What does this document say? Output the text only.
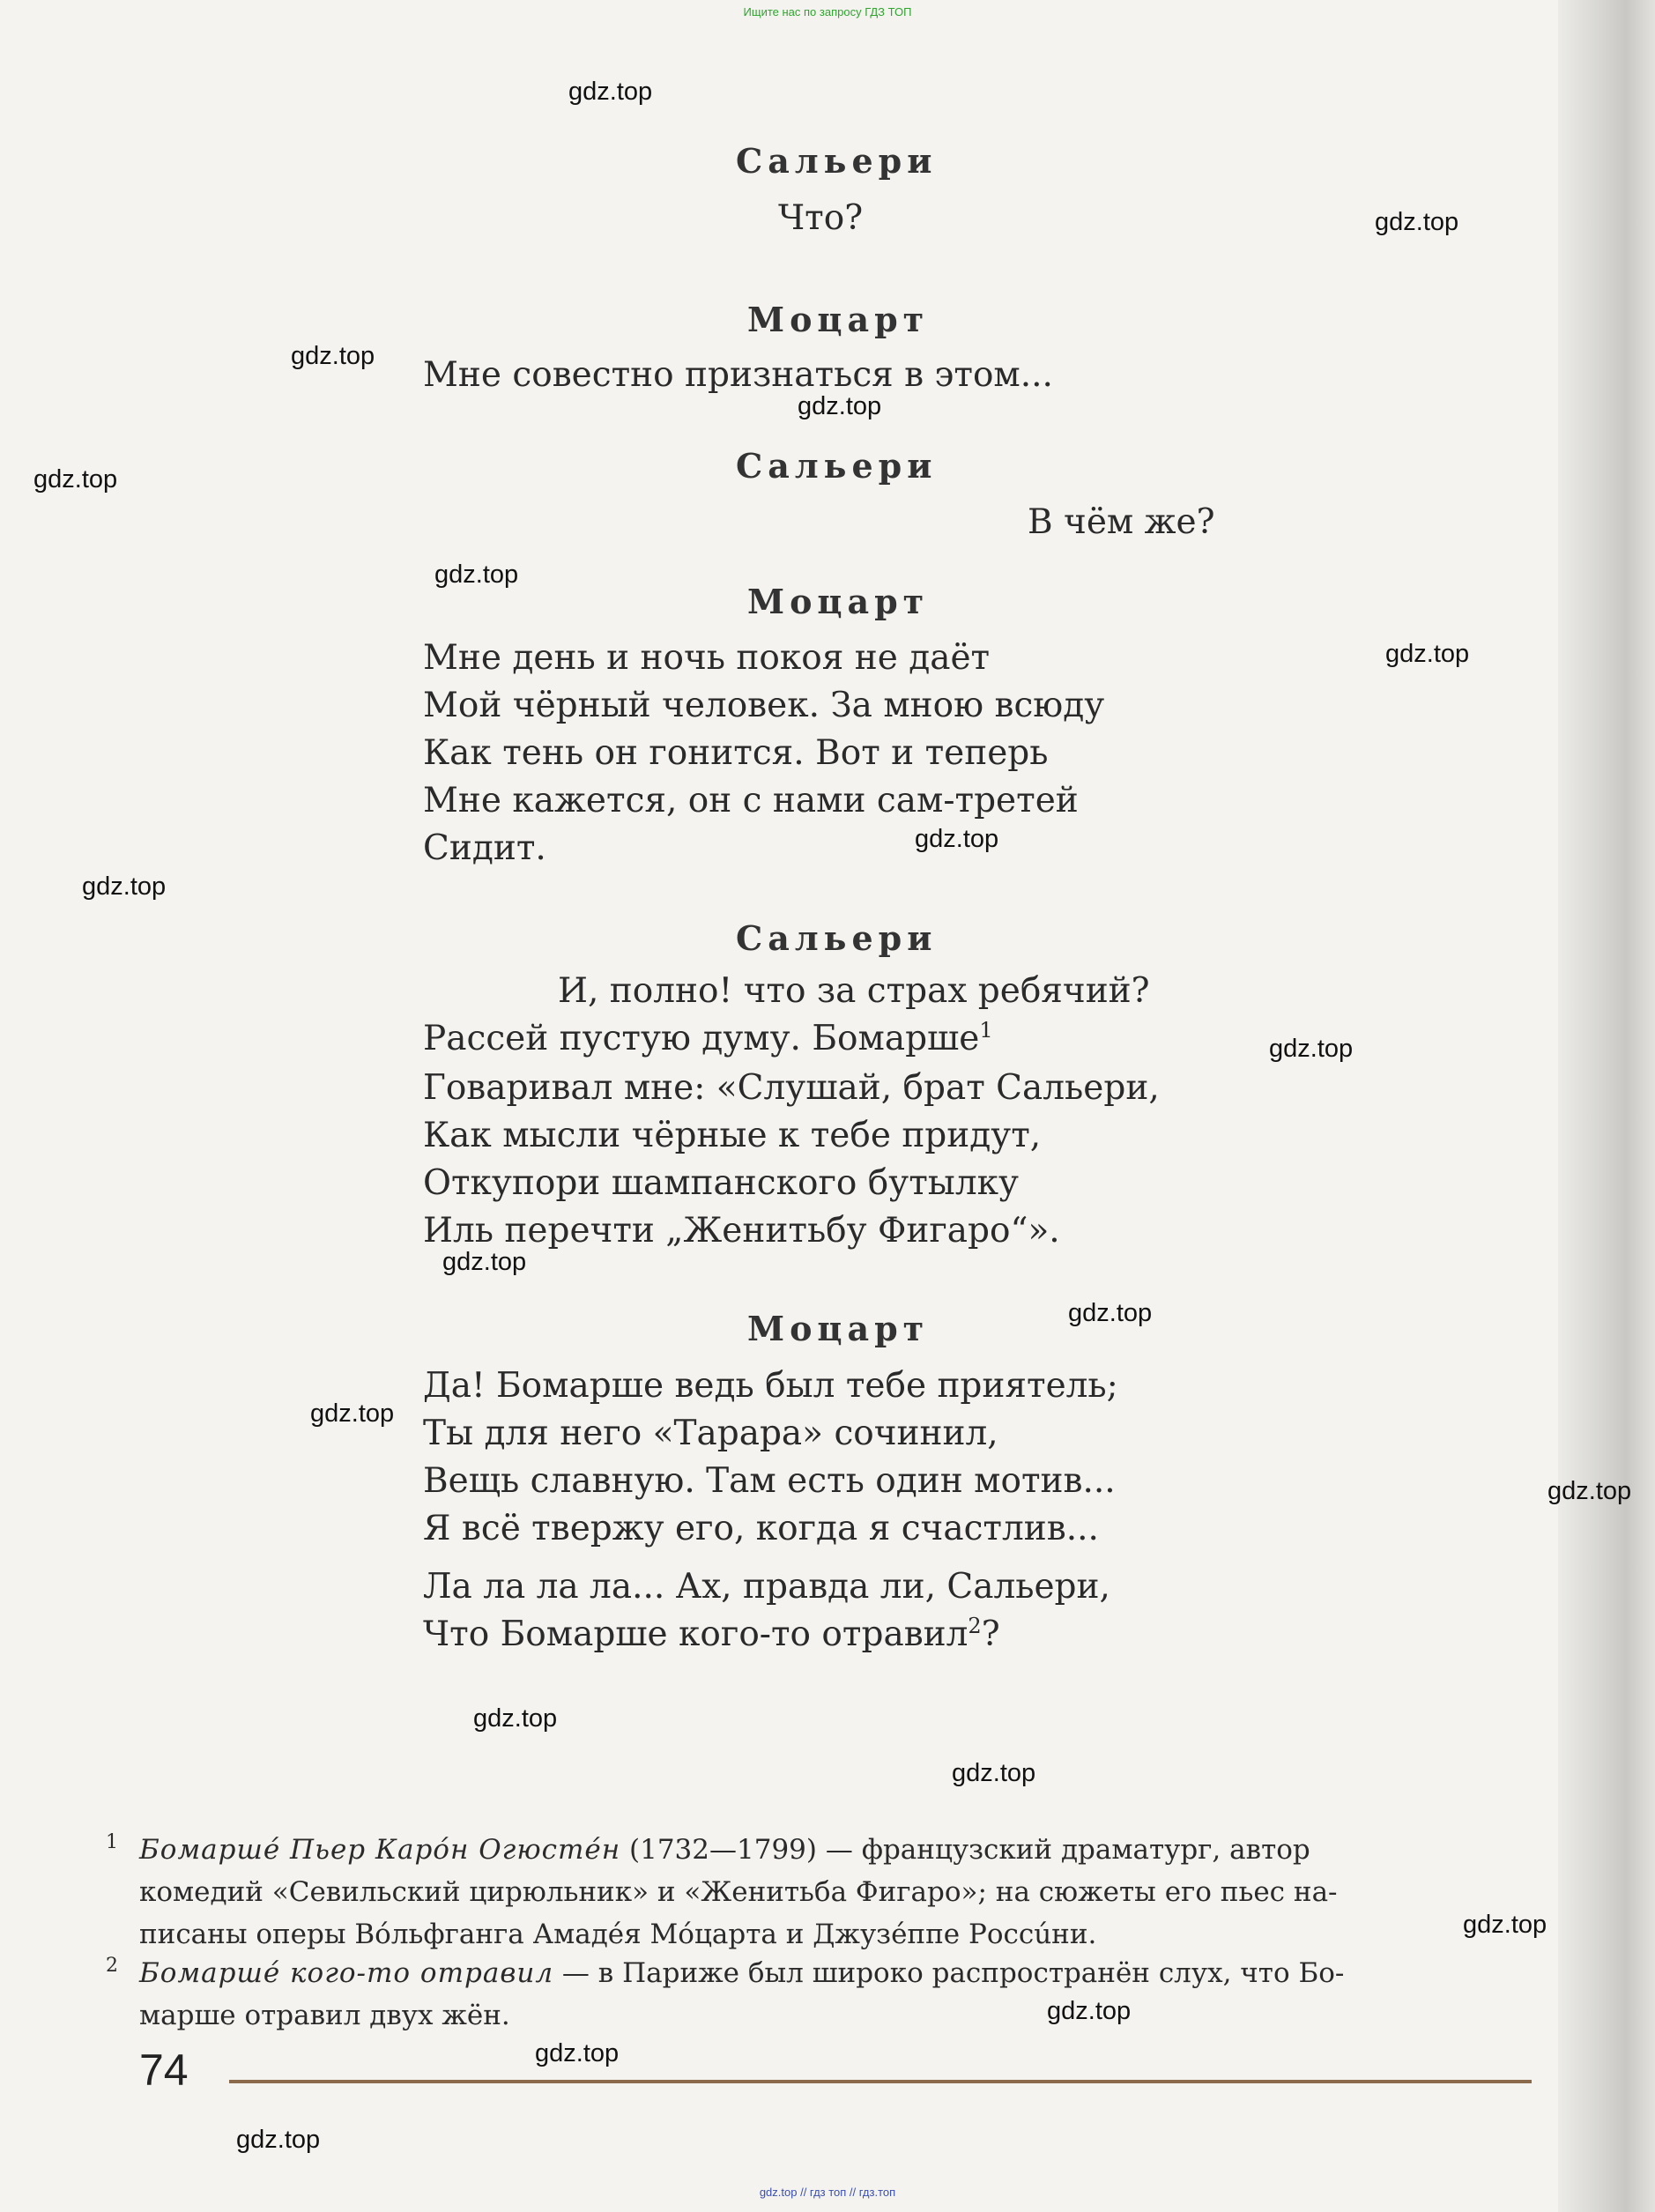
Ищите нас по запросу ГДЗ ТОП
Сальери
Что?
Моцарт
Мне совестно признаться в этом...
Сальери
В чём же?
Моцарт
Мне день и ночь покоя не даёт
Мой чёрный человек. За мною всюду
Как тень он гонится. Вот и теперь
Мне кажется, он с нами сам-третей
Сидит.
Сальери
И, полно! что за страх ребячий?
Рассей пустую думу. Бомарше$^1$
Говаривал мне: «Слушай, брат Сальери,
Как мысли чёрные к тебе придут,
Откупори шампанского бутылку
Иль перечти „Женитьбу Фигаро“».
Моцарт
Да! Бомарше ведь был тебе приятель;
Ты для него «Тарара» сочинил,
Вещь славную. Там есть один мотив...
Я всё твержу его, когда я счастлив...
Ла ла ла ла... Ах, правда ли, Сальери,
Что Бомарше кого-то отравил$^2$?
1 Бомаршé Пьер Карóн Огюстéн (1732—1799) — французский драматург, автор
комедий «Севильский цирюльник» и «Женитьба Фигаро»; на сюжеты его пьес на-
писаны оперы Вóльфганга Амадéя Мóцарта и Джузéппе Россúни.
2 Бомаршé кого-то отравил — в Париже был широко распространён слух, что Бо-
марше отравил двух жён.
74
gdz.top
gdz.top
gdz.top
gdz.top
gdz.top
gdz.top
gdz.top
gdz.top
gdz.top
gdz.top
gdz.top
gdz.top
gdz.top
gdz.top
gdz.top
gdz.top
gdz.top
gdz.top
gdz.top
gdz.top
gdz.top // гдз топ // гдз.топ
